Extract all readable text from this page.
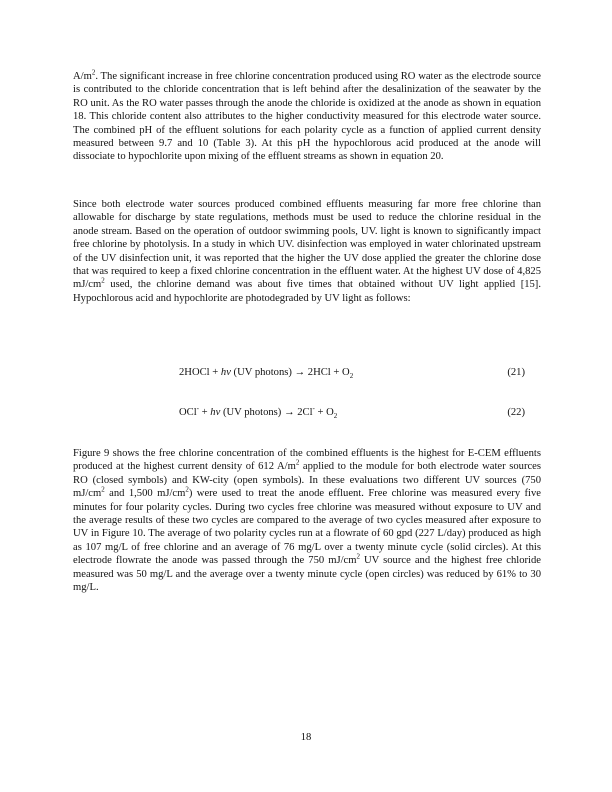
$A/m^2$. The significant increase in free chlorine concentration produced using RO water as the electrode source is contributed to the chloride concentration that is left behind after the desalinization of the seawater by the RO unit. As the RO water passes through the anode the chloride is oxidized at the anode as shown in equation 18. This chloride content also attributes to the higher conductivity measured for this electrode water source. The combined pH of the effluent solutions for each polarity cycle as a function of applied current density measured between 9.7 and 10 (Table 3). At this pH the hypochlorous acid produced at the anode will dissociate to hypochlorite upon mixing of the effluent streams as shown in equation 20.

Since both electrode water sources produced combined effluents measuring far more free chlorine than allowable for discharge by state regulations, methods must be used to reduce the chlorine residual in the anode stream. Based on the operation of outdoor swimming pools, UV. light is known to significantly impact free chlorine by photolysis. In a study in which UV. disinfection was employed in water chlorinated upstream of the UV disinfection unit, it was reported that the higher the UV dose applied the greater the chlorine dose that was required to keep a fixed chlorine concentration in the effluent water. At the highest UV dose of 4,825 $mJ/cm^2$ used, the chlorine demand was about five times that obtained without UV light applied [15]. Hypochlorous acid and hypochlorite are photodegraded by UV light as follows:

2HOCl + hv (UV photons) → $2HCl + O_2$	(21)
OCl- + hv (UV photons) → $2Cl^- + O_2$	(22)

Figure 9 shows the free chlorine concentration of the combined effluents is the highest for E-CEM effluents produced at the highest current density of 612 $A/m^2$ applied to the module for both electrode water sources RO (closed symbols) and KW-city (open symbols). In these evaluations two different UV sources (750 $mJ/cm^2$ and 1,500 $mJ/cm^2$) were used to treat the anode effluent. Free chlorine was measured every five minutes for four polarity cycles. During two cycles free chlorine was measured without exposure to UV and the average results of these two cycles are compared to the average of two cycles measured after exposure to UV in Figure 10. The average of two polarity cycles run at a flowrate of 60 gpd (227 L/day) produced as high as 107 mg/L of free chlorine and an average of 76 mg/L over a twenty minute cycle (solid circles). At this electrode flowrate the anode was passed through the 750 $mJ/cm^2$ UV source and the highest free chloride measured was 50 mg/L and the average over a twenty minute cycle (open circles) was reduced by 61% to 30 mg/L.

18
